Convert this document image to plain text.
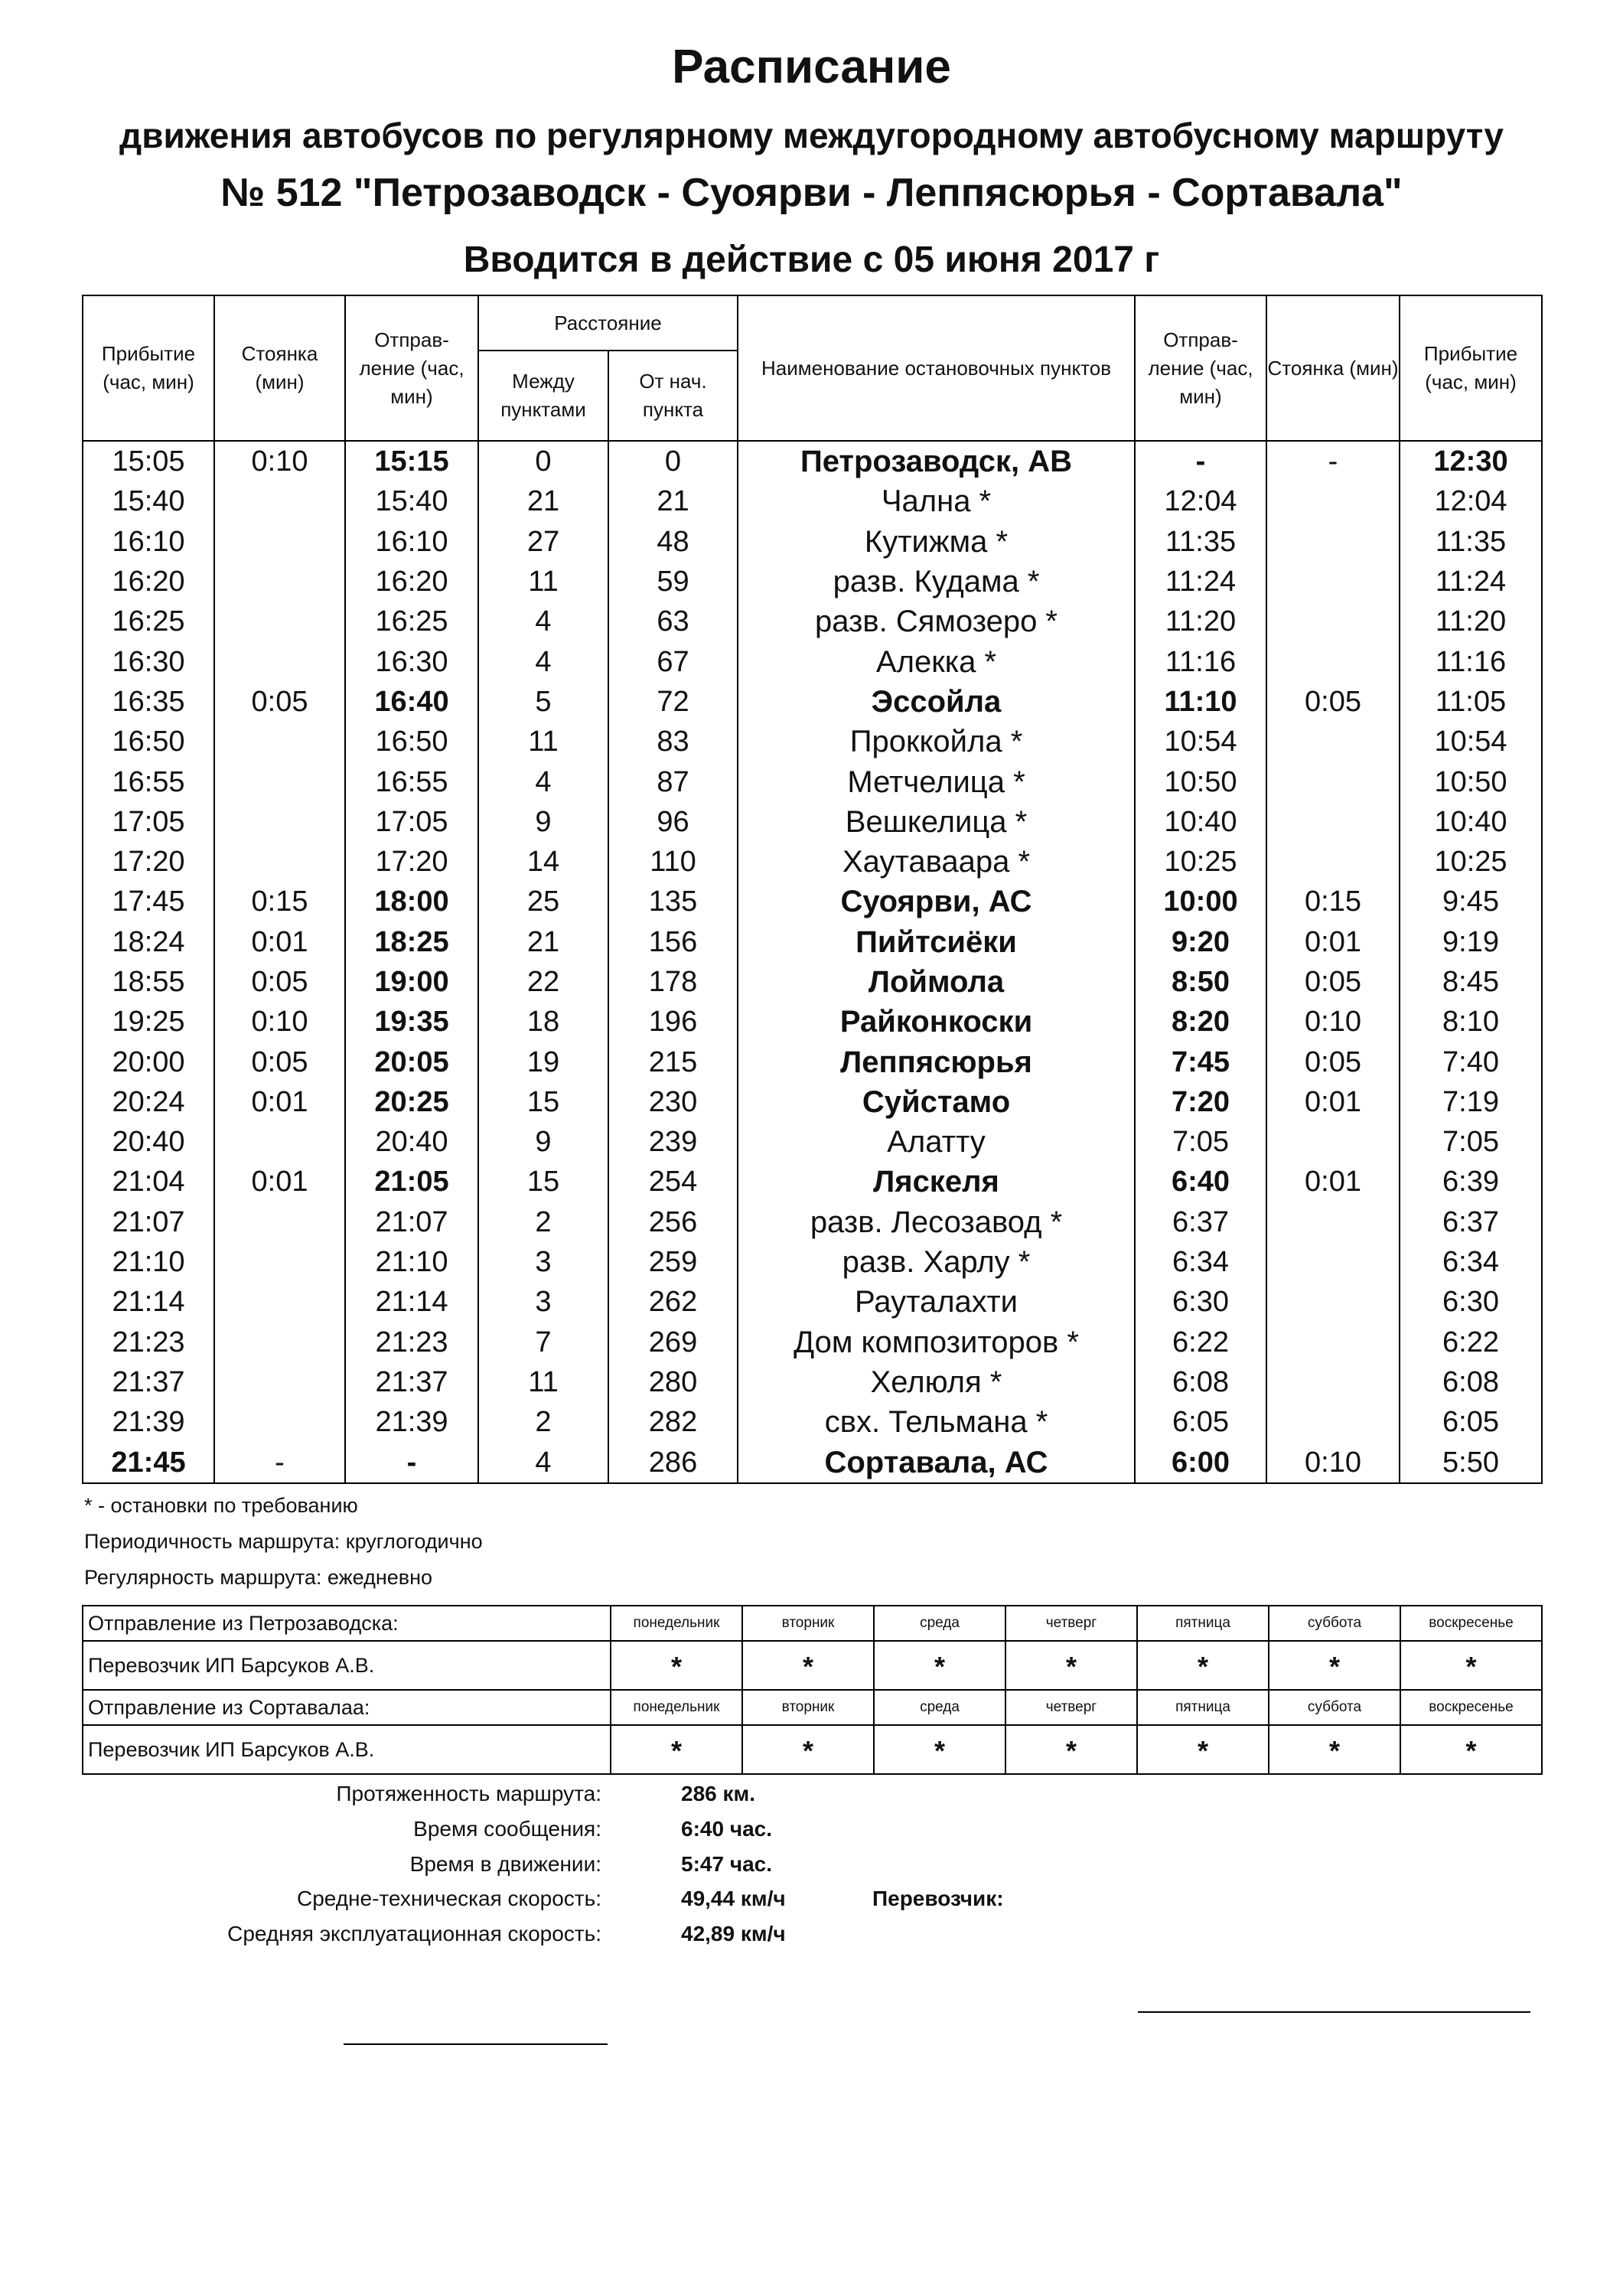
Расписание
движения автобусов по регулярному междугородному автобусному маршруту
№ 512 "Петрозаводск - Суоярви - Леппясюрья - Сортавала"
Вводится в действие с 05 июня 2017 г
Прибытие (час, мин)	Стоянка (мин)	Отправ- ление (час, мин)	Расстояние		Наименование остановочных пунктов	Отправ- ление (час, мин)	Стоянка (мин)	Прибытие (час, мин)
			Между пунктами	От нач. пункта				
15:05	0:10	15:15	0	0	Петрозаводск, АВ	-	-	12:30
15:40		15:40	21	21	Чална *	12:04		12:04
16:10		16:10	27	48	Кутижма *	11:35		11:35
16:20		16:20	11	59	разв. Кудама *	11:24		11:24
16:25		16:25	4	63	разв. Сямозеро *	11:20		11:20
16:30		16:30	4	67	Алекка *	11:16		11:16
16:35	0:05	16:40	5	72	Эссойла	11:10	0:05	11:05
16:50		16:50	11	83	Проккойла *	10:54		10:54
16:55		16:55	4	87	Метчелица *	10:50		10:50
17:05		17:05	9	96	Вешкелица *	10:40		10:40
17:20		17:20	14	110	Хаутаваара *	10:25		10:25
17:45	0:15	18:00	25	135	Суоярви, АС	10:00	0:15	9:45
18:24	0:01	18:25	21	156	Пийтсиёки	9:20	0:01	9:19
18:55	0:05	19:00	22	178	Лоймола	8:50	0:05	8:45
19:25	0:10	19:35	18	196	Райконкоски	8:20	0:10	8:10
20:00	0:05	20:05	19	215	Леппясюрья	7:45	0:05	7:40
20:24	0:01	20:25	15	230	Суйстамо	7:20	0:01	7:19
20:40		20:40	9	239	Алатту	7:05		7:05
21:04	0:01	21:05	15	254	Ляскеля	6:40	0:01	6:39
21:07		21:07	2	256	разв. Лесозавод *	6:37		6:37
21:10		21:10	3	259	разв. Харлу *	6:34		6:34
21:14		21:14	3	262	Рауталахти	6:30		6:30
21:23		21:23	7	269	Дом композиторов *	6:22		6:22
21:37		21:37	11	280	Хелюля *	6:08		6:08
21:39		21:39	2	282	свх. Тельмана *	6:05		6:05
21:45	-	-	4	286	Сортавала, АС	6:00	0:10	5:50
* - остановки по требованию
Периодичность маршрута: круглогодично
Регулярность маршрута: ежедневно
Отправление из Петрозаводска:	понедельник	вторник	среда	четверг	пятница	суббота	воскресенье
Перевозчик ИП Барсуков А.В.	*	*	*	*	*	*	*
Отправление из Сортавалаа:	понедельник	вторник	среда	четверг	пятница	суббота	воскресенье
Перевозчик ИП Барсуков А.В.	*	*	*	*	*	*	*
Протяженность маршрута:	286 км.
Время сообщения:	6:40 час.
Время в движении:	5:47 час.
Средне-техническая скорость:	49,44 км/ч
Средняя эксплуатационная скорость:	42,89 км/ч
Перевозчик:
